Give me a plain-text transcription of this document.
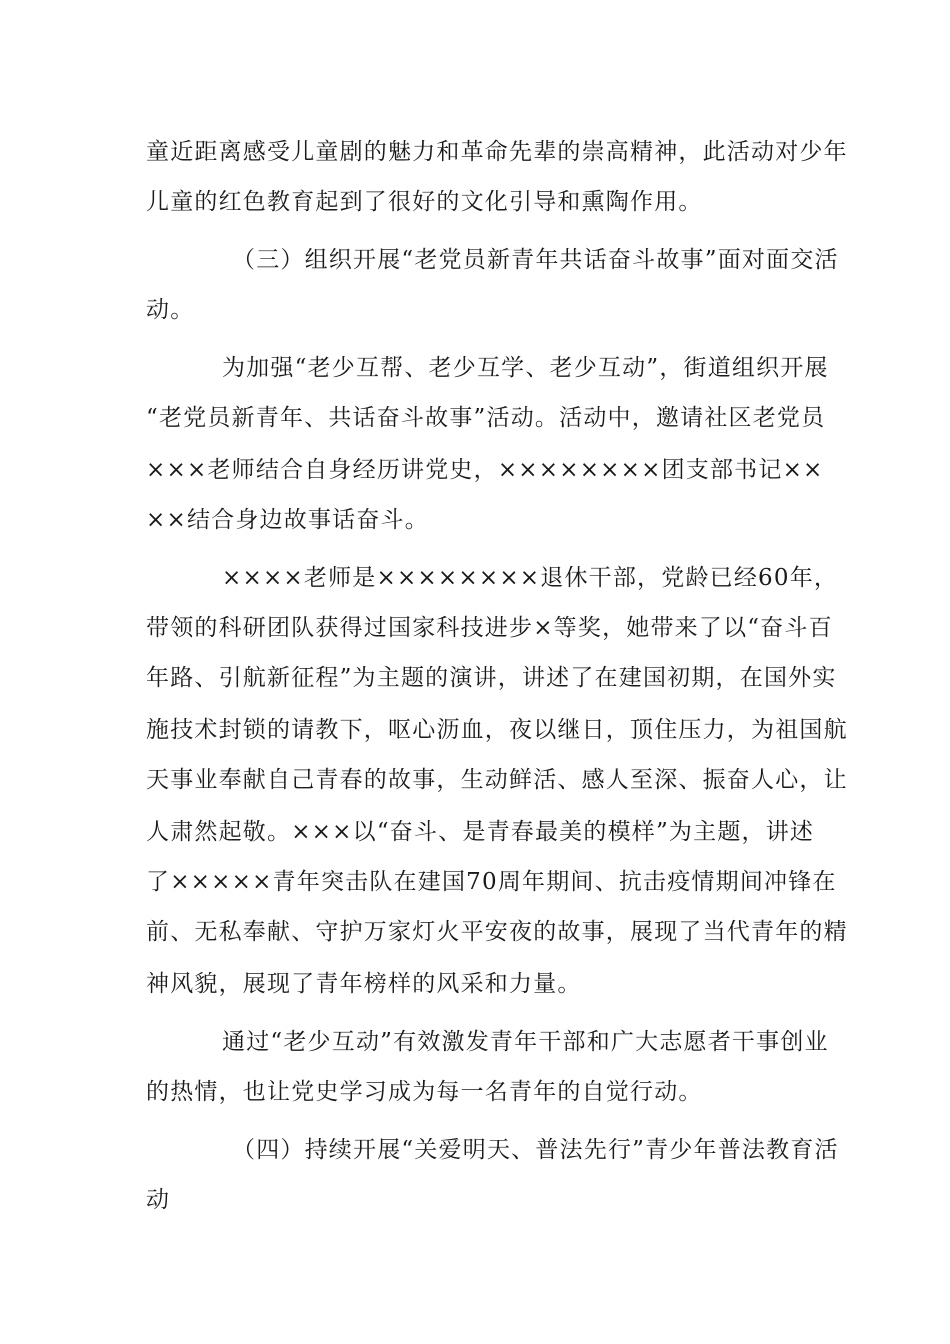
童近距离感受儿童剧的魅力和革命先辈的崇高精神，此活动对少年
儿童的红色教育起到了很好的文化引导和熏陶作用。
（三）组织开展“老党员新青年共话奋斗故事”面对面交活
动。
为加强“老少互帮、老少互学、老少互动”，街道组织开展
“老党员新青年、共话奋斗故事”活动。活动中，邀请社区老党员
×××老师结合自身经历讲党史，××××××××团支部书记××
××结合身边故事话奋斗。
××××老师是××××××××退休干部，党龄已经60年，
带领的科研团队获得过国家科技进步×等奖，她带来了以“奋斗百
年路、引航新征程”为主题的演讲，讲述了在建国初期，在国外实
施技术封锁的请教下，呕心沥血，夜以继日，顶住压力，为祖国航
天事业奉献自己青春的故事，生动鲜活、感人至深、振奋人心，让
人肃然起敬。×××以“奋斗、是青春最美的模样”为主题，讲述
了×××××青年突击队在建国70周年期间、抗击疫情期间冲锋在
前、无私奉献、守护万家灯火平安夜的故事，展现了当代青年的精
神风貌，展现了青年榜样的风采和力量。
通过“老少互动”有效激发青年干部和广大志愿者干事创业
的热情，也让党史学习成为每一名青年的自觉行动。
（四）持续开展“关爱明天、普法先行”青少年普法教育活
动
